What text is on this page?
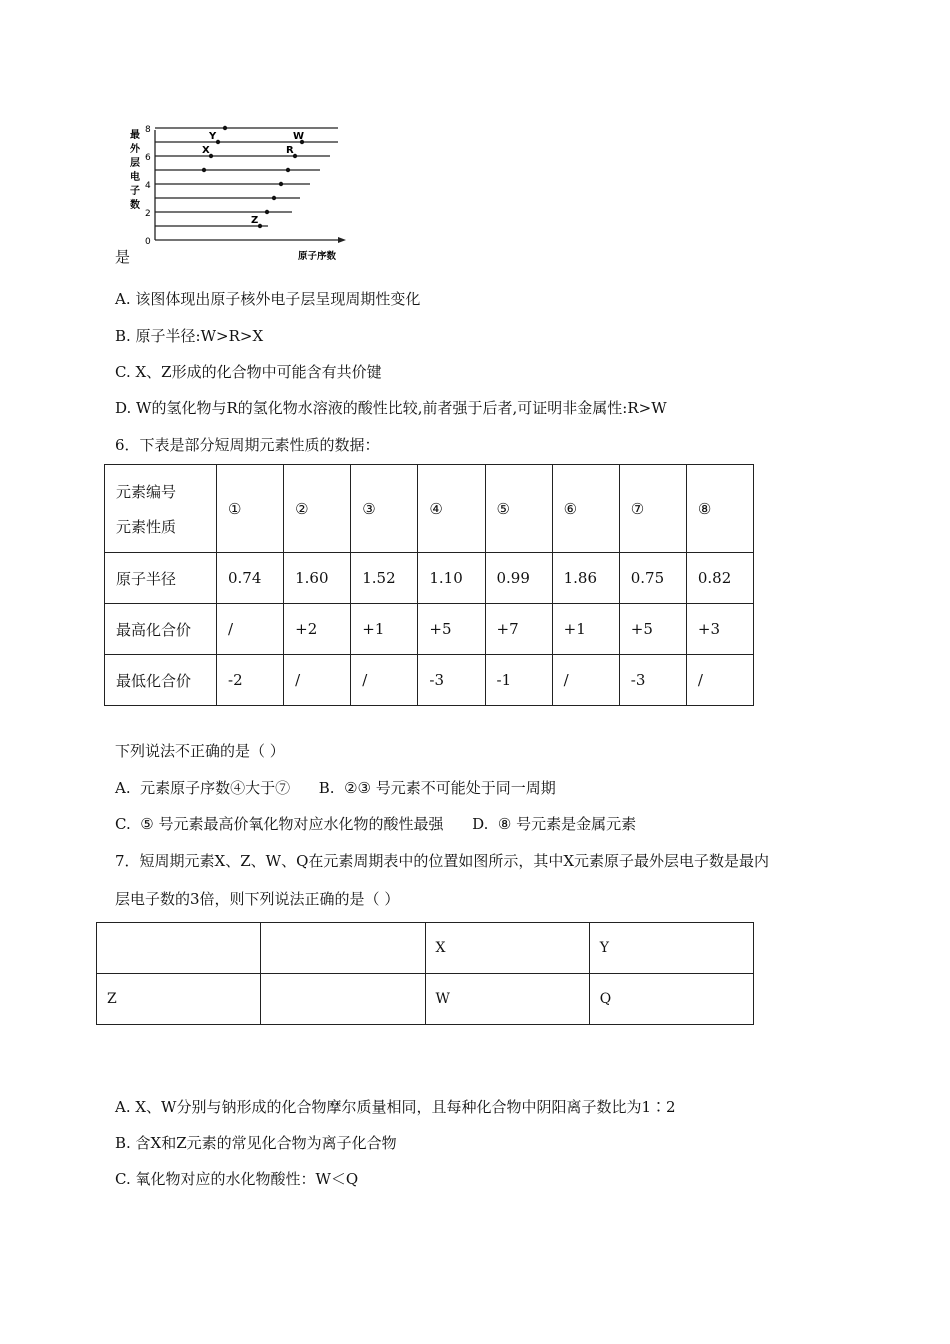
最
外
层
电
子
数
0
2
4
6
8
Y	W
X	R
Z
原子序数
是
A. 该图体现出原子核外电子层呈现周期性变化
B. 原子半径:W>R>X
C. X、Z形成的化合物中可能含有共价键
D. W的氢化物与R的氢化物水溶液的酸性比较,前者强于后者,可证明非金属性:R>W
6．下表是部分短周期元素性质的数据：
元素编号
元素性质	①	②	③	④	⑤	⑥	⑦	⑧
原子半径	0.74	1.60	1.52	1.10	0.99	1.86	0.75	0.82
最高化合价	/	+2	+1	+5	+7	+1	+5	+3
最低化合价	-2	/	/	-3	-1	/	-3	/
下列说法不正确的是（ ）
A.  元素原子序数④大于⑦      B.  ②③ 号元素不可能处于同一周期
C.  ⑤ 号元素最高价氧化物对应水化物的酸性最强      D.  ⑧ 号元素是金属元素
7．短周期元素X、Z、W、Q在元素周期表中的位置如图所示，其中X元素原子最外层电子数是最内
层电子数的3倍，则下列说法正确的是（ ）
		X	Y
Z		W	Q
A. X、W分别与钠形成的化合物摩尔质量相同，且每种化合物中阴阳离子数比为1∶2
B. 含X和Z元素的常见化合物为离子化合物
C. 氧化物对应的水化物酸性：W＜Q
